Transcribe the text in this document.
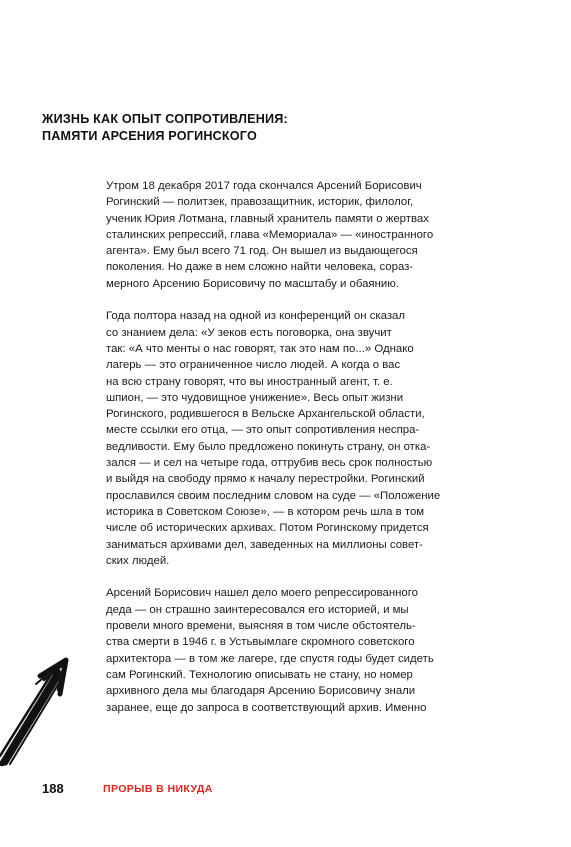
ЖИЗНЬ КАК ОПЫТ СОПРОТИВЛЕНИЯ:
ПАМЯТИ АРСЕНИЯ РОГИНСКОГО

Утром 18 декабря 2017 года скончался Арсений Борисович
Рогинский — политзек, правозащитник, историк, филолог,
ученик Юрия Лотмана, главный хранитель памяти о жертвах
сталинских репрессий, глава «Мемориала» — «иностранного
агента». Ему был всего 71 год. Он вышел из выдающегося
поколения. Но даже в нем сложно найти человека, сораз-
мерного Арсению Борисовичу по масштабу и обаянию.

Года полтора назад на одной из конференций он сказал
со знанием дела: «У зеков есть поговорка, она звучит
так: «А что менты о нас говорят, так это нам по...» Однако
лагерь — это ограниченное число людей. А когда о вас
на всю страну говорят, что вы иностранный агент, т. е.
шпион, — это чудовищное унижение». Весь опыт жизни
Рогинского, родившегося в Вельске Архангельской области,
месте ссылки его отца, — это опыт сопротивления неспра-
ведливости. Ему было предложено покинуть страну, он отка-
зался — и сел на четыре года, оттрубив весь срок полностью
и выйдя на свободу прямо к началу перестройки. Рогинский
прославился своим последним словом на суде — «Положение
историка в Советском Союзе», — в котором речь шла в том
числе об исторических архивах. Потом Рогинскому придется
заниматься архивами дел, заведенных на миллионы совет-
ских людей.

Арсений Борисович нашел дело моего репрессированного
деда — он страшно заинтересовался его историей, и мы
провели много времени, выясняя в том числе обстоятель-
ства смерти в 1946 г. в Устьвымлаге скромного советского
архитектора — в том же лагере, где спустя годы будет сидеть
сам Рогинский. Технологию описывать не стану, но номер
архивного дела мы благодаря Арсению Борисовичу знали
заранее, еще до запроса в соответствующий архив. Именно

188	ПРОРЫВ В НИКУДА
